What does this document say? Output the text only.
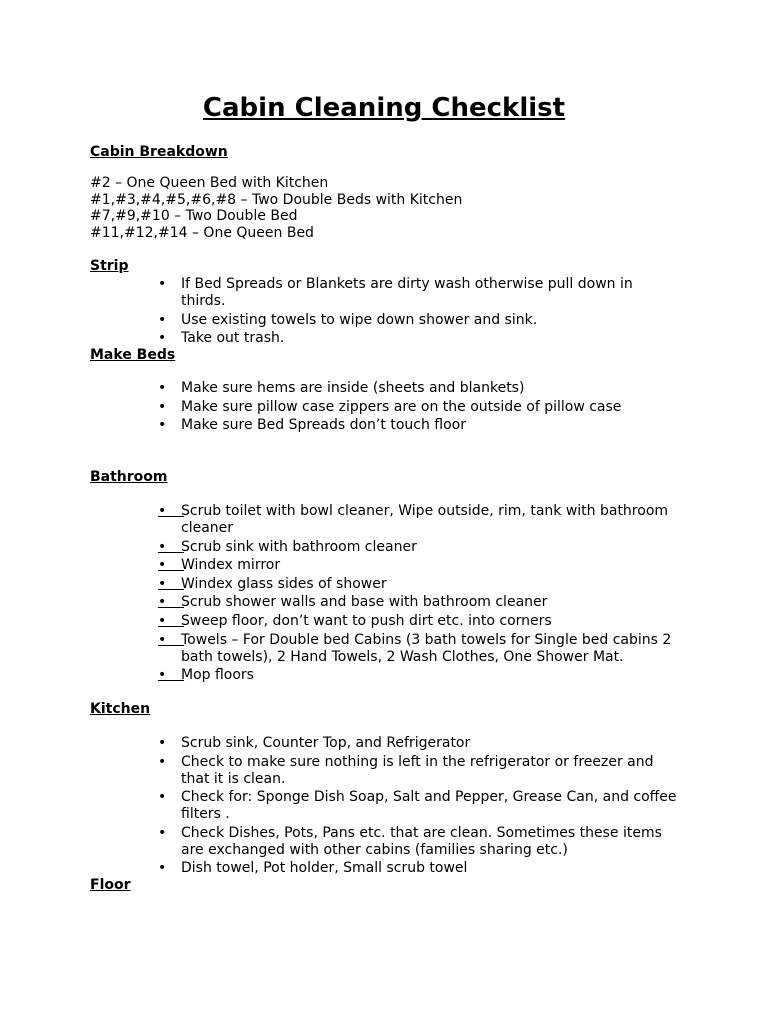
Cabin Cleaning Checklist
Cabin Breakdown
#2 – One Queen Bed with Kitchen
#1,#3,#4,#5,#6,#8 – Two Double Beds with Kitchen
#7,#9,#10 – Two Double Bed
#11,#12,#14 – One Queen Bed
Strip
•	If Bed Spreads or Blankets are dirty wash otherwise pull down in thirds.
•	Use existing towels to wipe down shower and sink.
•	Take out trash.
Make Beds
•	Make sure hems are inside (sheets and blankets)
•	Make sure pillow case zippers are on the outside of pillow case
•	Make sure Bed Spreads don’t touch floor
Bathroom
•
Scrub toilet with bowl cleaner, Wipe outside, rim, tank with bathroom cleaner
•
Scrub sink with bathroom cleaner
•
Windex mirror
•
Windex glass sides of shower
•
Scrub shower walls and base with bathroom cleaner
•
Sweep floor, don’t want to push dirt etc. into corners
•
Towels – For Double bed Cabins (3 bath towels for Single bed cabins 2 bath towels), 2 Hand Towels, 2 Wash Clothes, One Shower Mat.
•
Mop floors
Kitchen
•	Scrub sink, Counter Top, and Refrigerator
•	Check to make sure nothing is left in the refrigerator or freezer and that it is clean.
•	Check for: Sponge Dish Soap, Salt and Pepper, Grease Can, and coffee filters .
•	Check Dishes, Pots, Pans etc. that are clean. Sometimes these items are exchanged with other cabins (families sharing etc.)
•	Dish towel, Pot holder, Small scrub towel
Floor
